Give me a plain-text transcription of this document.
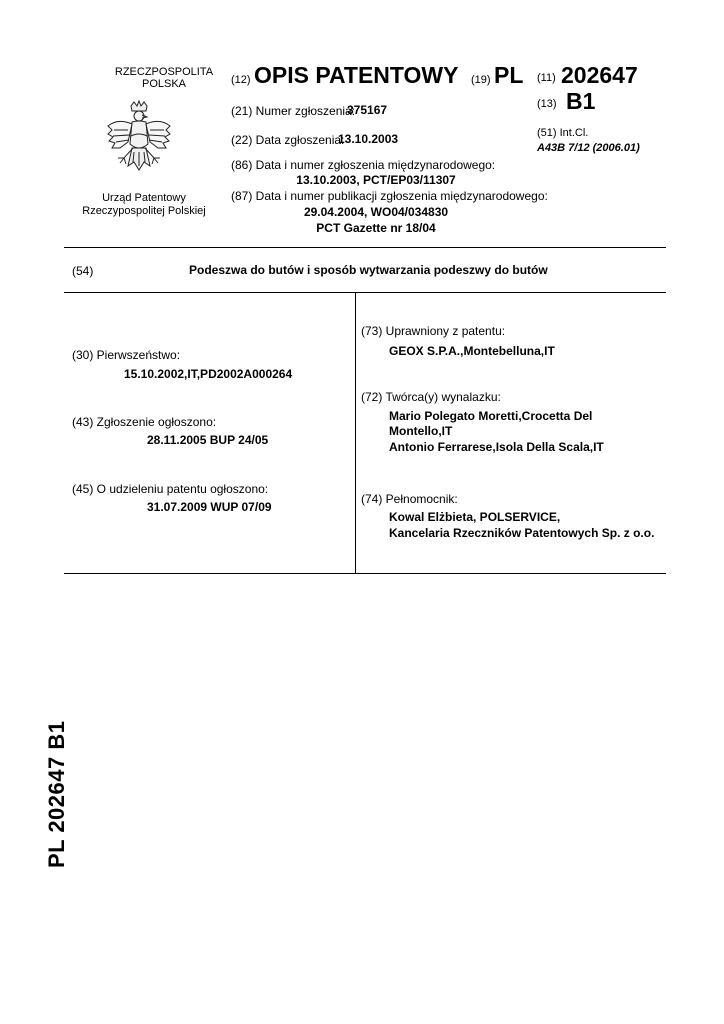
RZECZPOSPOLITA
POLSKA
Urząd Patentowy
Rzeczypospolitej Polskiej
(12) OPIS PATENTOWY (19) PL
(21) Numer zgłoszenia:
375167
(22) Data zgłoszenia:
13.10.2003
(86) Data i numer zgłoszenia międzynarodowego:
13.10.2003, PCT/EP03/11307
(87) Data i numer publikacji zgłoszenia międzynarodowego:
29.04.2004, WO04/034830
PCT Gazette nr 18/04
(11) 202647
(13) B1
(51) Int.Cl.
A43B 7/12 (2006.01)
(54)	Podeszwa do butów i sposób wytwarzania podeszwy do butów
(30) Pierwszeństwo:
15.10.2002,IT,PD2002A000264
(43) Zgłoszenie ogłoszono:
28.11.2005 BUP 24/05
(45) O udzieleniu patentu ogłoszono:
31.07.2009 WUP 07/09
(73) Uprawniony z patentu:
GEOX S.P.A.,Montebelluna,IT
(72) Twórca(y) wynalazku:
Mario Polegato Moretti,Crocetta Del
Montello,IT
Antonio Ferrarese,Isola Della Scala,IT
(74) Pełnomocnik:
Kowal Elżbieta, POLSERVICE,
Kancelaria Rzeczników Patentowych Sp. z o.o.
PL 202647 B1
